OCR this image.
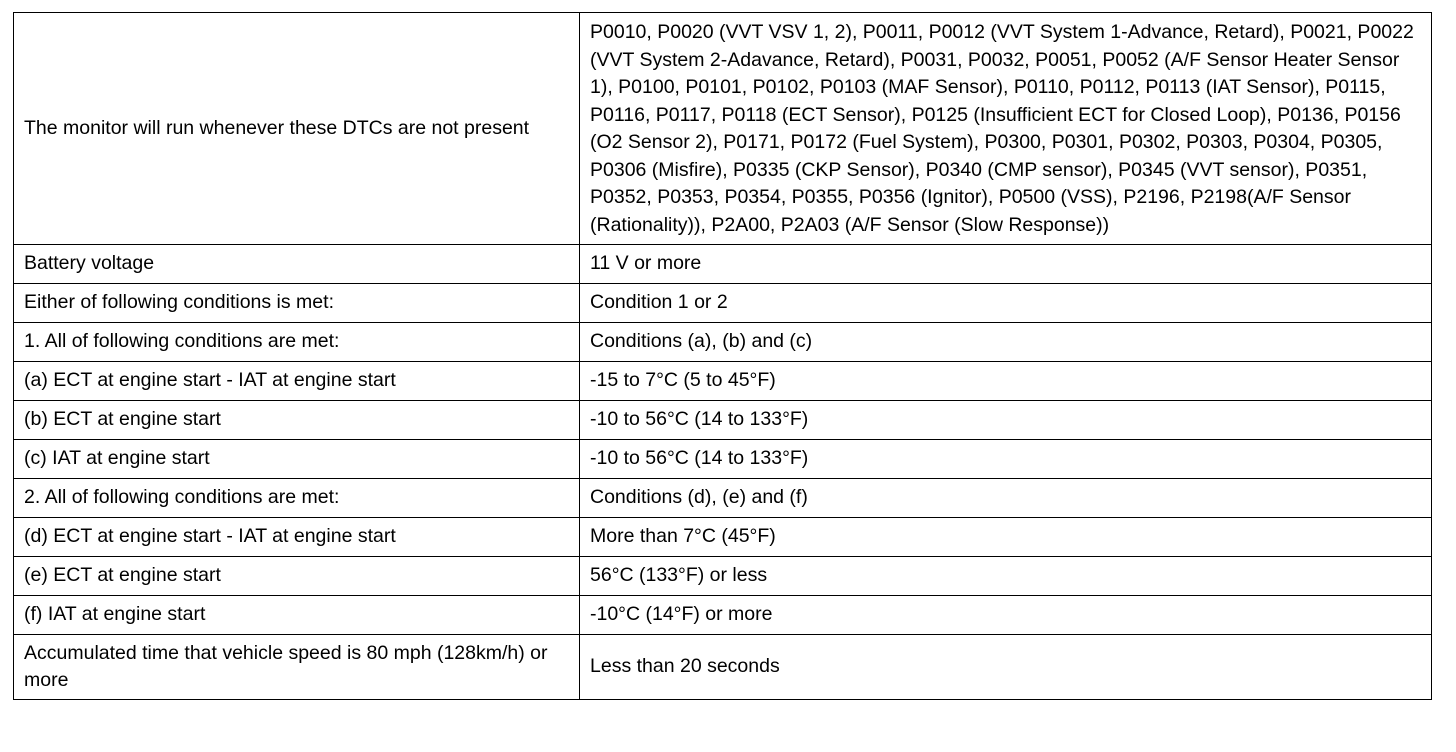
The monitor will run whenever these DTCs are not present	P0010, P0020 (VVT VSV 1, 2), P0011, P0012 (VVT System 1-Advance, Retard), P0021, P0022 (VVT System 2-Adavance, Retard), P0031, P0032, P0051, P0052 (A/F Sensor Heater Sensor 1), P0100, P0101, P0102, P0103 (MAF Sensor), P0110, P0112, P0113 (IAT Sensor), P0115, P0116, P0117, P0118 (ECT Sensor), P0125 (Insufficient ECT for Closed Loop), P0136, P0156 (O2 Sensor 2), P0171, P0172 (Fuel System), P0300, P0301, P0302, P0303, P0304, P0305, P0306 (Misfire), P0335 (CKP Sensor), P0340 (CMP sensor), P0345 (VVT sensor), P0351, P0352, P0353, P0354, P0355, P0356 (Ignitor), P0500 (VSS), P2196, P2198(A/F Sensor (Rationality)), P2A00, P2A03 (A/F Sensor (Slow Response))
Battery voltage	11 V or more
Either of following conditions is met:	Condition 1 or 2
1. All of following conditions are met:	Conditions (a), (b) and (c)
(a) ECT at engine start - IAT at engine start	-15 to 7°C (5 to 45°F)
(b) ECT at engine start	-10 to 56°C (14 to 133°F)
(c) IAT at engine start	-10 to 56°C (14 to 133°F)
2. All of following conditions are met:	Conditions (d), (e) and (f)
(d) ECT at engine start - IAT at engine start	More than 7°C (45°F)
(e) ECT at engine start	56°C (133°F) or less
(f) IAT at engine start	-10°C (14°F) or more
Accumulated time that vehicle speed is 80 mph (128km/h) or more	Less than 20 seconds
